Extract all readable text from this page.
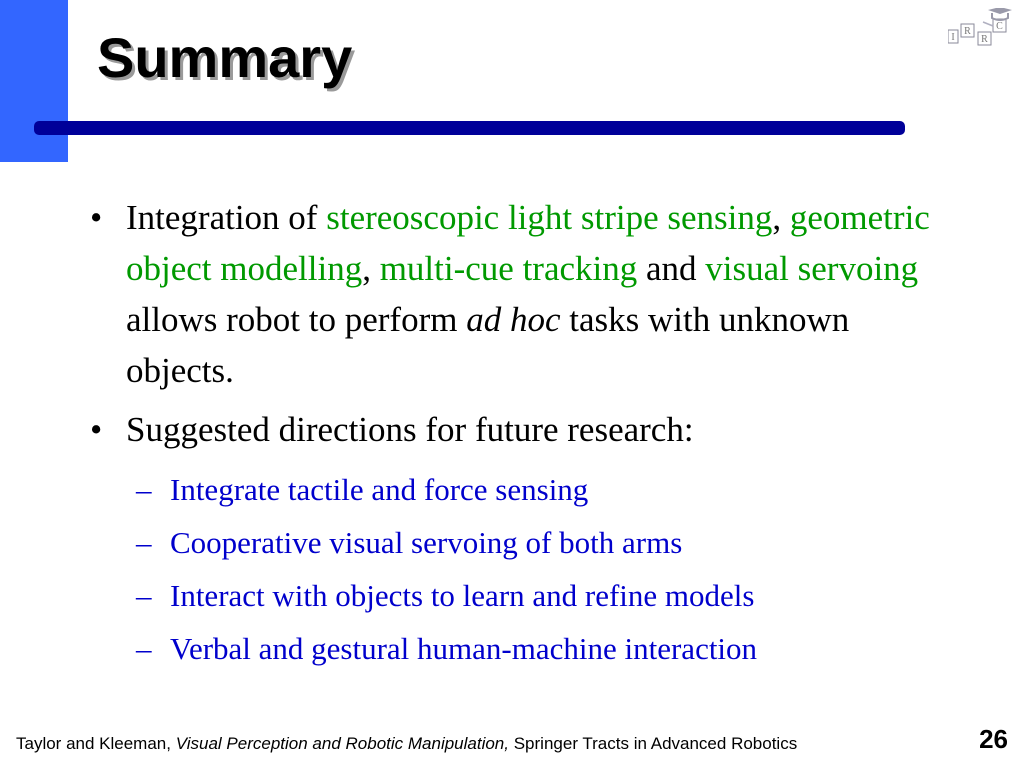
Summary	I
R
R
C
• Integration of stereoscopic light stripe sensing, geometric object modelling, multi-cue tracking and visual servoing allows robot to perform ad hoc tasks with unknown objects.
• Suggested directions for future research:
– Integrate tactile and force sensing
– Cooperative visual servoing of both arms
– Interact with objects to learn and refine models
– Verbal and gestural human-machine interaction
Taylor and Kleeman, Visual Perception and Robotic Manipulation, Springer Tracts in Advanced Robotics	26
